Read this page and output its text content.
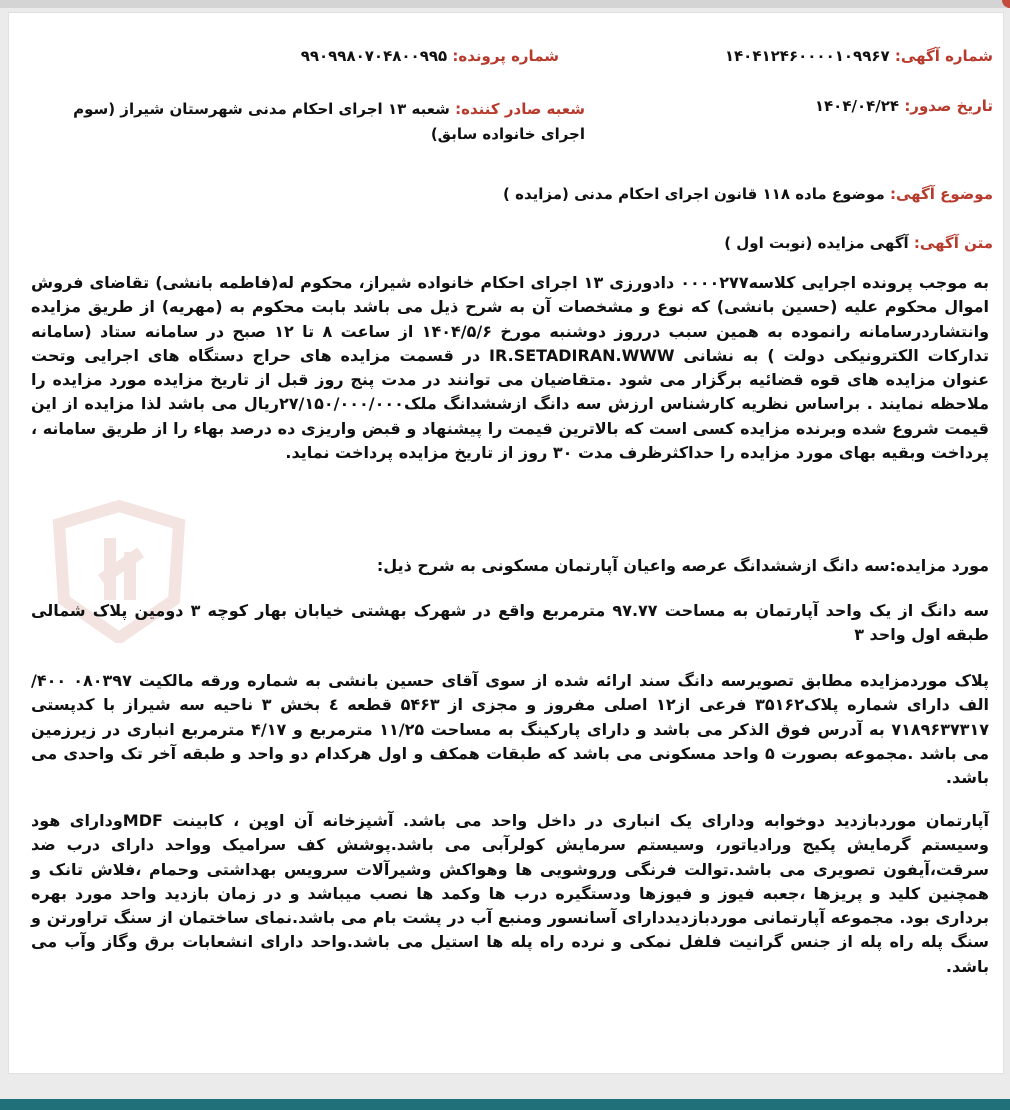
شماره آگهی: ۱۴۰۴۱۲۴۶۰۰۰۰۱۰۹۹۶۷
شماره پرونده: ۹۹۰۹۹۸۰۷۰۴۸۰۰۹۹۵
تاریخ صدور: ۱۴۰۴/۰۴/۲۴
شعبه صادر کننده: شعبه ۱۳ اجرای احکام مدنی شهرستان شیراز (سوم اجرای خانواده سابق)
موضوع آگهی: موضوع ماده ۱۱۸ قانون اجرای احکام مدنی (مزایده )
متن آگهی: آگهی مزایده (نوبت اول )

به موجب پرونده اجرایی کلاسه۰۰۰۰۲۷۷ دادورزی ۱۳ اجرای احکام خانواده شیراز، محکوم له(فاطمه بانشی) تقاضای فروش اموال محکوم علیه (حسین بانشی) که نوع و مشخصات آن به شرح ذیل می باشد بابت محکوم به (مهریه) از طریق مزایده وانتشاردرسامانه رانموده به همین سبب درروز دوشنبه مورخ ۱۴۰۴/۵/۶ از ساعت ۸ تا ۱۲ صبح در سامانه ستاد (سامانه تدارکات الکترونیکی دولت ) به نشانی IR.SETADIRAN.WWW در قسمت مزایده های حراج دستگاه های اجرایی وتحت عنوان مزایده های قوه قضائیه برگزار می شود .متقاضیان می توانند در مدت پنج روز قبل از تاریخ مزایده مورد مزایده را ملاحظه نمایند . براساس نظریه کارشناس ارزش سه دانگ ازششدانگ ملک۲۷/۱۵۰/۰۰۰/۰۰۰ریال می باشد لذا مزایده از این قیمت شروع شده وبرنده مزایده کسی است که بالاترین قیمت را پیشنهاد و قبض واریزی ده درصد بهاء را از طریق سامانه ، پرداخت وبقیه بهای مورد مزایده را حداکثرظرف مدت ۳۰ روز از تاریخ مزایده پرداخت نماید.

مورد مزایده:سه دانگ ازششدانگ عرصه واعیان آپارتمان مسکونی به شرح ذیل:

سه دانگ از یک واحد آپارتمان به مساحت ۹۷.۷۷ مترمربع واقع در شهرک بهشتی خیابان بهار کوچه ۳ دومین پلاک شمالی طبقه اول واحد ۳

پلاک موردمزایده مطابق تصویرسه دانگ سند ارائه شده از سوی آقای حسین بانشی به شماره ورقه مالکیت ۰۸۰۳۹۷ ۴۰۰/ الف دارای شماره پلاک۳۵۱۶۲ فرعی از۱۲ اصلی مفروز و مجزی از ۵۴۶۳ قطعه ٤ بخش ۳ ناحیه سه شیراز با کدپستی ۷۱۸۹۶۳۷۳۱۷ به آدرس فوق الذکر می باشد و دارای پارکینگ به مساحت ۱۱/۲۵ مترمربع و ۴/۱۷ مترمربع انباری در زیرزمین می باشد .مجموعه بصورت ۵ واحد مسکونی می باشد که طبقات همکف و اول هرکدام دو واحد و طبقه آخر تک واحدی می باشد.

آپارتمان موردبازدید دوخوابه ودارای یک انباری در داخل واحد می باشد. آشپزخانه آن اوپن ، کابینت MDFودارای هود وسیستم گرمایش پکیج ورادیاتور، وسیستم سرمایش کولرآبی می باشد.پوشش کف سرامیک وواحد دارای درب ضد سرقت،آیفون تصویری می باشد.توالت فرنگی وروشویی ها وهواکش وشیرآلات سرویس بهداشتی وحمام ،فلاش تانک و همچنین کلید و پریزها ،جعبه فیوز و فیوزها ودستگیره درب ها وکمد ها نصب میباشد و در زمان بازدید واحد مورد بهره برداری بود. مجموعه آپارتمانی موردبازدیددارای آسانسور ومنبع آب در پشت بام می باشد.نمای ساختمان از سنگ تراورتن و سنگ پله راه پله از جنس گرانیت فلفل نمکی و نرده راه پله ها استیل می باشد.واحد دارای انشعابات برق وگاز وآب می باشد.
